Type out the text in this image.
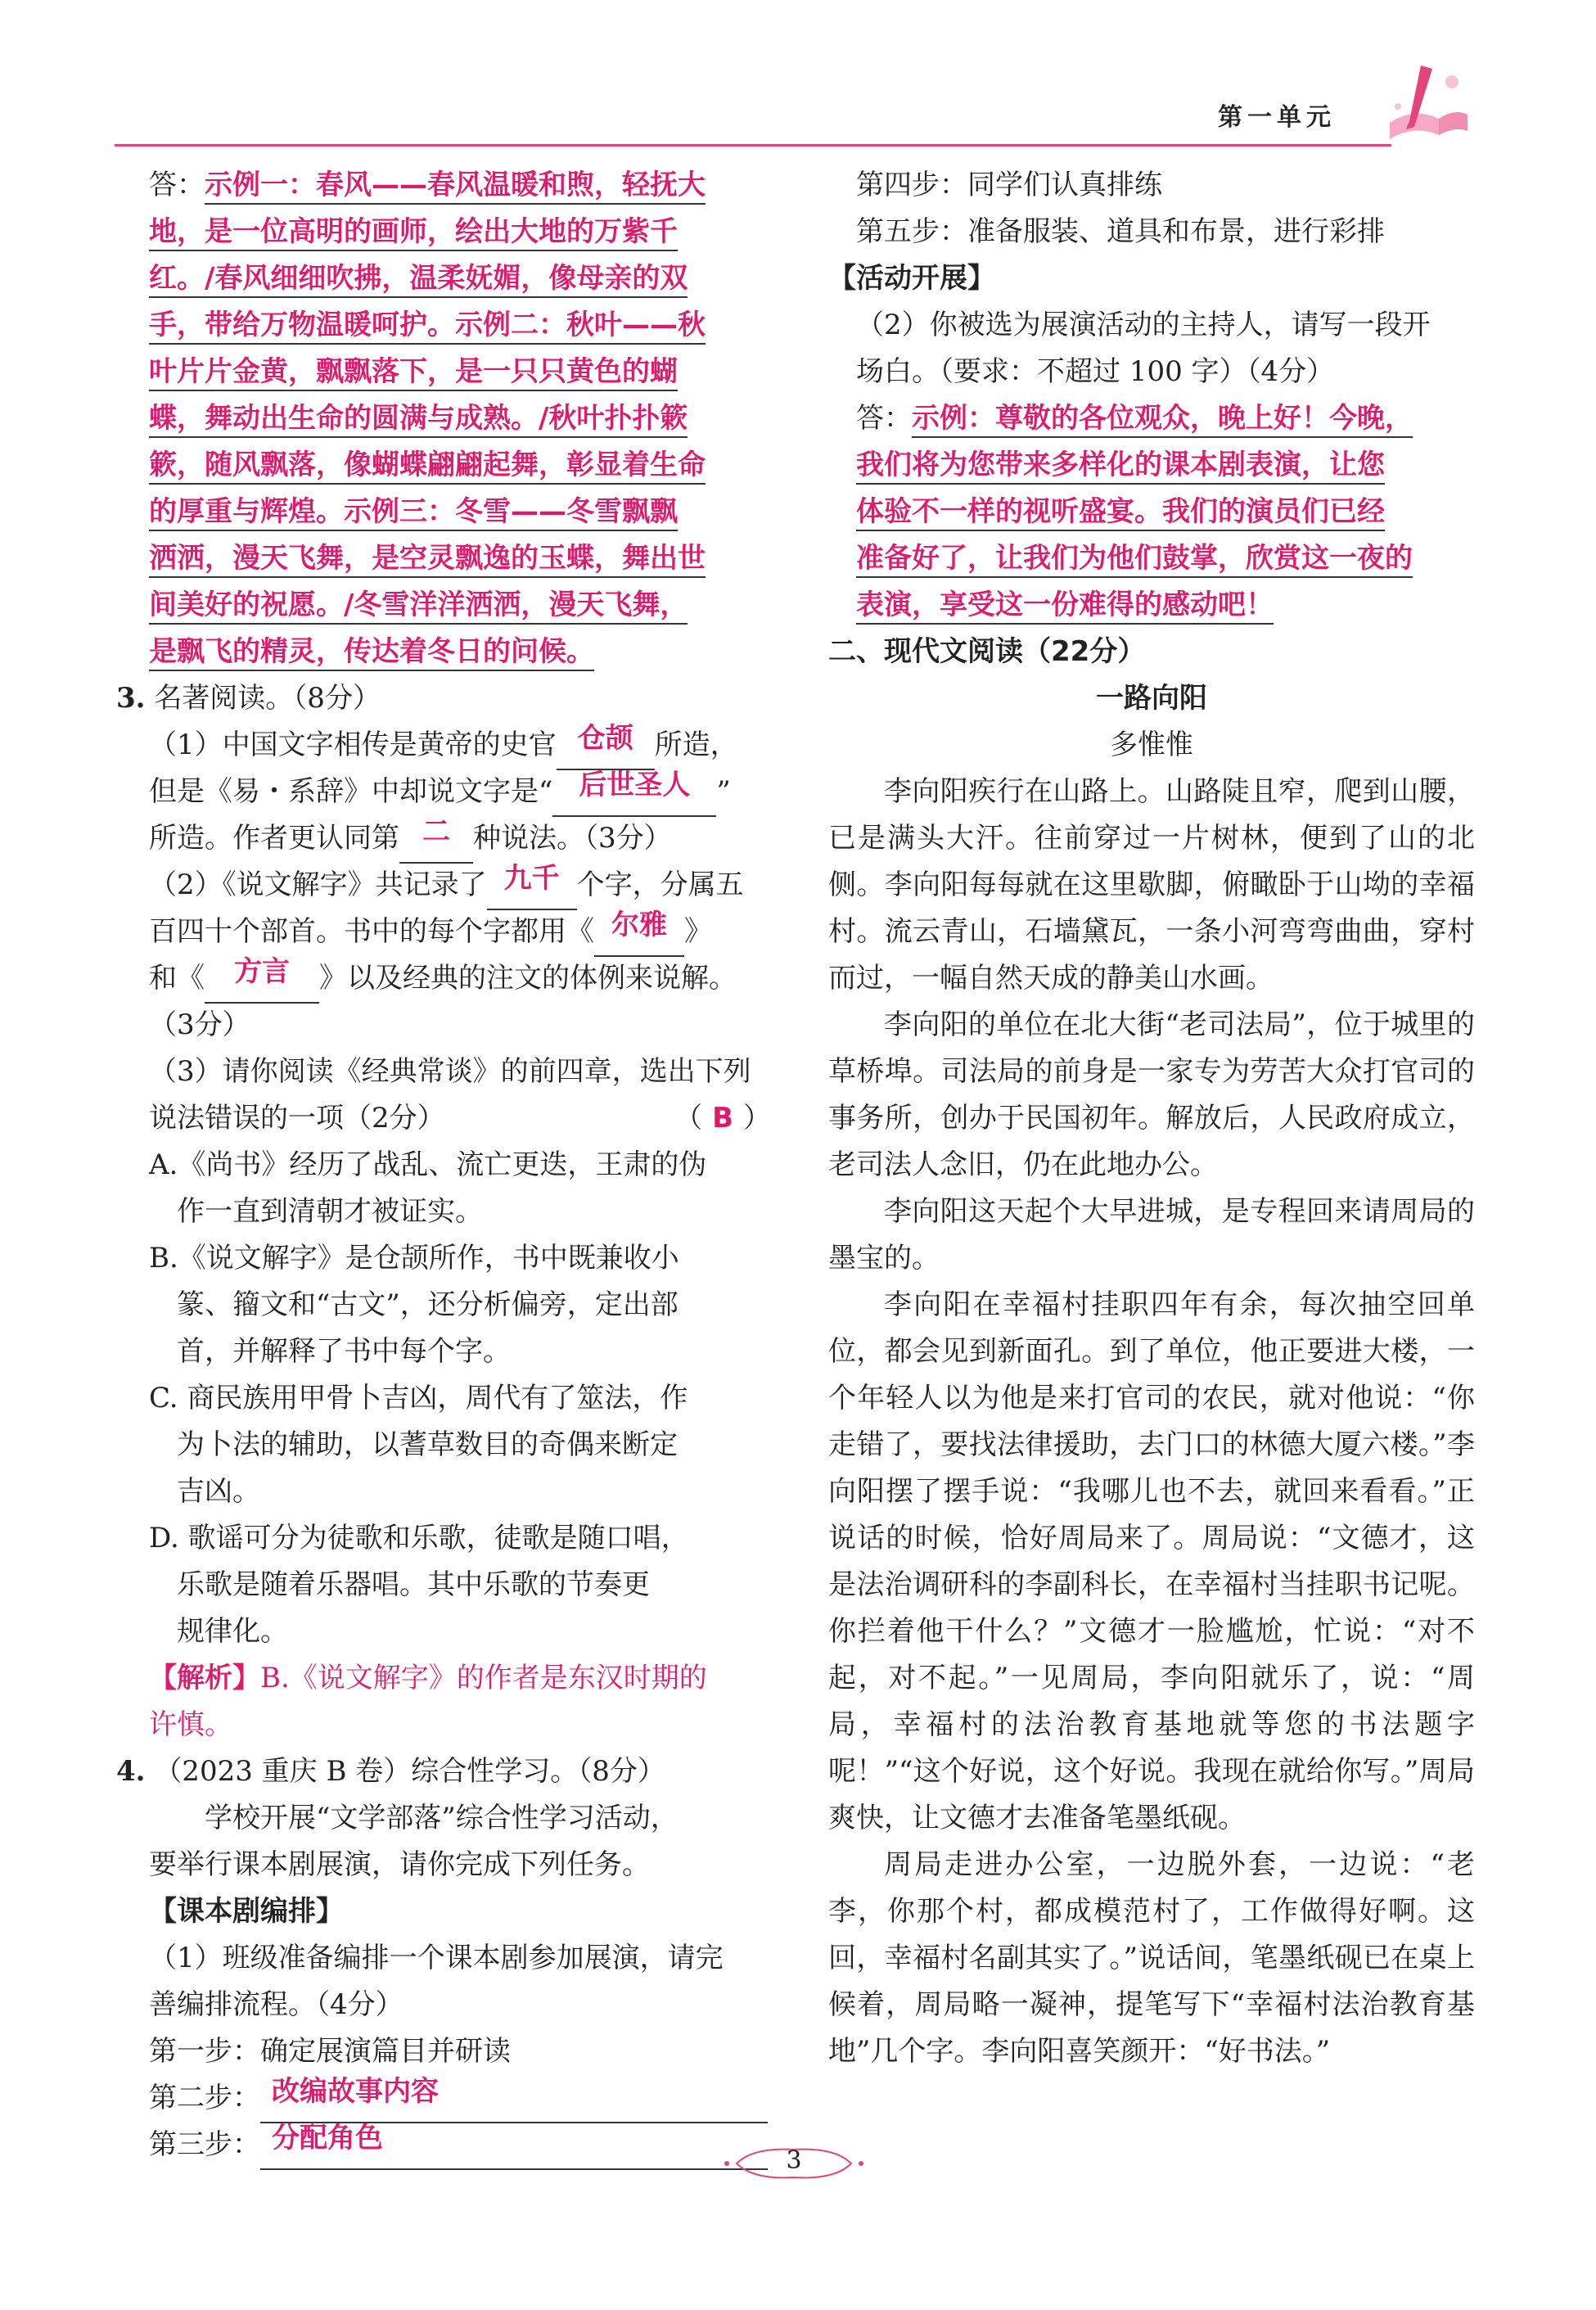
第一单元
答：示例一：春风——春风温暖和煦，轻抚大
地，是一位高明的画师，绘出大地的万紫千
红。/春风细细吹拂，温柔妩媚，像母亲的双
手，带给万物温暖呵护。示例二：秋叶——秋
叶片片金黄，飘飘落下，是一只只黄色的蝴
蝶，舞动出生命的圆满与成熟。/秋叶扑扑簌
簌，随风飘落，像蝴蝶翩翩起舞，彰显着生命
的厚重与辉煌。示例三：冬雪——冬雪飘飘
洒洒，漫天飞舞，是空灵飘逸的玉蝶，舞出世
间美好的祝愿。/冬雪洋洋洒洒，漫天飞舞，
是飘飞的精灵，传达着冬日的问候。
3. 名著阅读。（8分）
（1）中国文字相传是黄帝的史官 仓颉 所造，
但是《易・系辞》中却说文字是“ 后世圣人 ”
所造。作者更认同第 二 种说法。（3分）
（2）《说文解字》共记录了 九千 个字，分属五
百四十个部首。书中的每个字都用《 尔雅 》
和《 方言 》以及经典的注文的体例来说解。
（3分）
（3）请你阅读《经典常谈》的前四章，选出下列
说法错误的一项（2分）	（ B ）
A.《尚书》经历了战乱、流亡更迭，王肃的伪
作一直到清朝才被证实。
B.《说文解字》是仓颉所作，书中既兼收小
篆、籀文和“古文”，还分析偏旁，定出部
首，并解释了书中每个字。
C. 商民族用甲骨卜吉凶，周代有了筮法，作
为卜法的辅助，以蓍草数目的奇偶来断定
吉凶。
D. 歌谣可分为徒歌和乐歌，徒歌是随口唱，
乐歌是随着乐器唱。其中乐歌的节奏更
规律化。
【解析】B.《说文解字》的作者是东汉时期的
许慎。
4. （2023 重庆 B 卷）综合性学习。（8分）
学校开展“文学部落”综合性学习活动，
要举行课本剧展演，请你完成下列任务。
【课本剧编排】
（1）班级准备编排一个课本剧参加展演，请完
善编排流程。（4分）
第一步：确定展演篇目并研读
第二步： 改编故事内容
第三步： 分配角色
第四步：同学们认真排练
第五步：准备服装、道具和布景，进行彩排
【活动开展】
（2）你被选为展演活动的主持人，请写一段开
场白。（要求：不超过 100 字）（4分）
答：示例：尊敬的各位观众，晚上好！今晚，
我们将为您带来多样化的课本剧表演，让您
体验不一样的视听盛宴。我们的演员们已经
准备好了，让我们为他们鼓掌，欣赏这一夜的
表演，享受这一份难得的感动吧！
二、现代文阅读（22分）
一路向阳
多惟惟
李向阳疾行在山路上。山路陡且窄，爬到山腰，已是满头大汗。往前穿过一片树林，便到了山的北侧。李向阳每每就在这里歇脚，俯瞰卧于山坳的幸福村。流云青山，石墙黛瓦，一条小河弯弯曲曲，穿村而过，一幅自然天成的静美山水画。
李向阳的单位在北大街“老司法局”，位于城里的草桥埠。司法局的前身是一家专为劳苦大众打官司的事务所，创办于民国初年。解放后，人民政府成立，老司法人念旧，仍在此地办公。
李向阳这天起个大早进城，是专程回来请周局的墨宝的。
李向阳在幸福村挂职四年有余，每次抽空回单位，都会见到新面孔。到了单位，他正要进大楼，一个年轻人以为他是来打官司的农民，就对他说：“你走错了，要找法律援助，去门口的林德大厦六楼。”李向阳摆了摆手说：“我哪儿也不去，就回来看看。”正说话的时候，恰好周局来了。周局说：“文德才，这是法治调研科的李副科长，在幸福村当挂职书记呢。你拦着他干什么？”文德才一脸尴尬，忙说：“对不起，对不起。”一见周局，李向阳就乐了，说：“周局，幸福村的法治教育基地就等您的书法题字呢！”“这个好说，这个好说。我现在就给你写。”周局爽快，让文德才去准备笔墨纸砚。
周局走进办公室，一边脱外套，一边说：“老李，你那个村，都成模范村了，工作做得好啊。这回，幸福村名副其实了。”说话间，笔墨纸砚已在桌上候着，周局略一凝神，提笔写下“幸福村法治教育基地”几个字。李向阳喜笑颜开：“好书法。”
3
